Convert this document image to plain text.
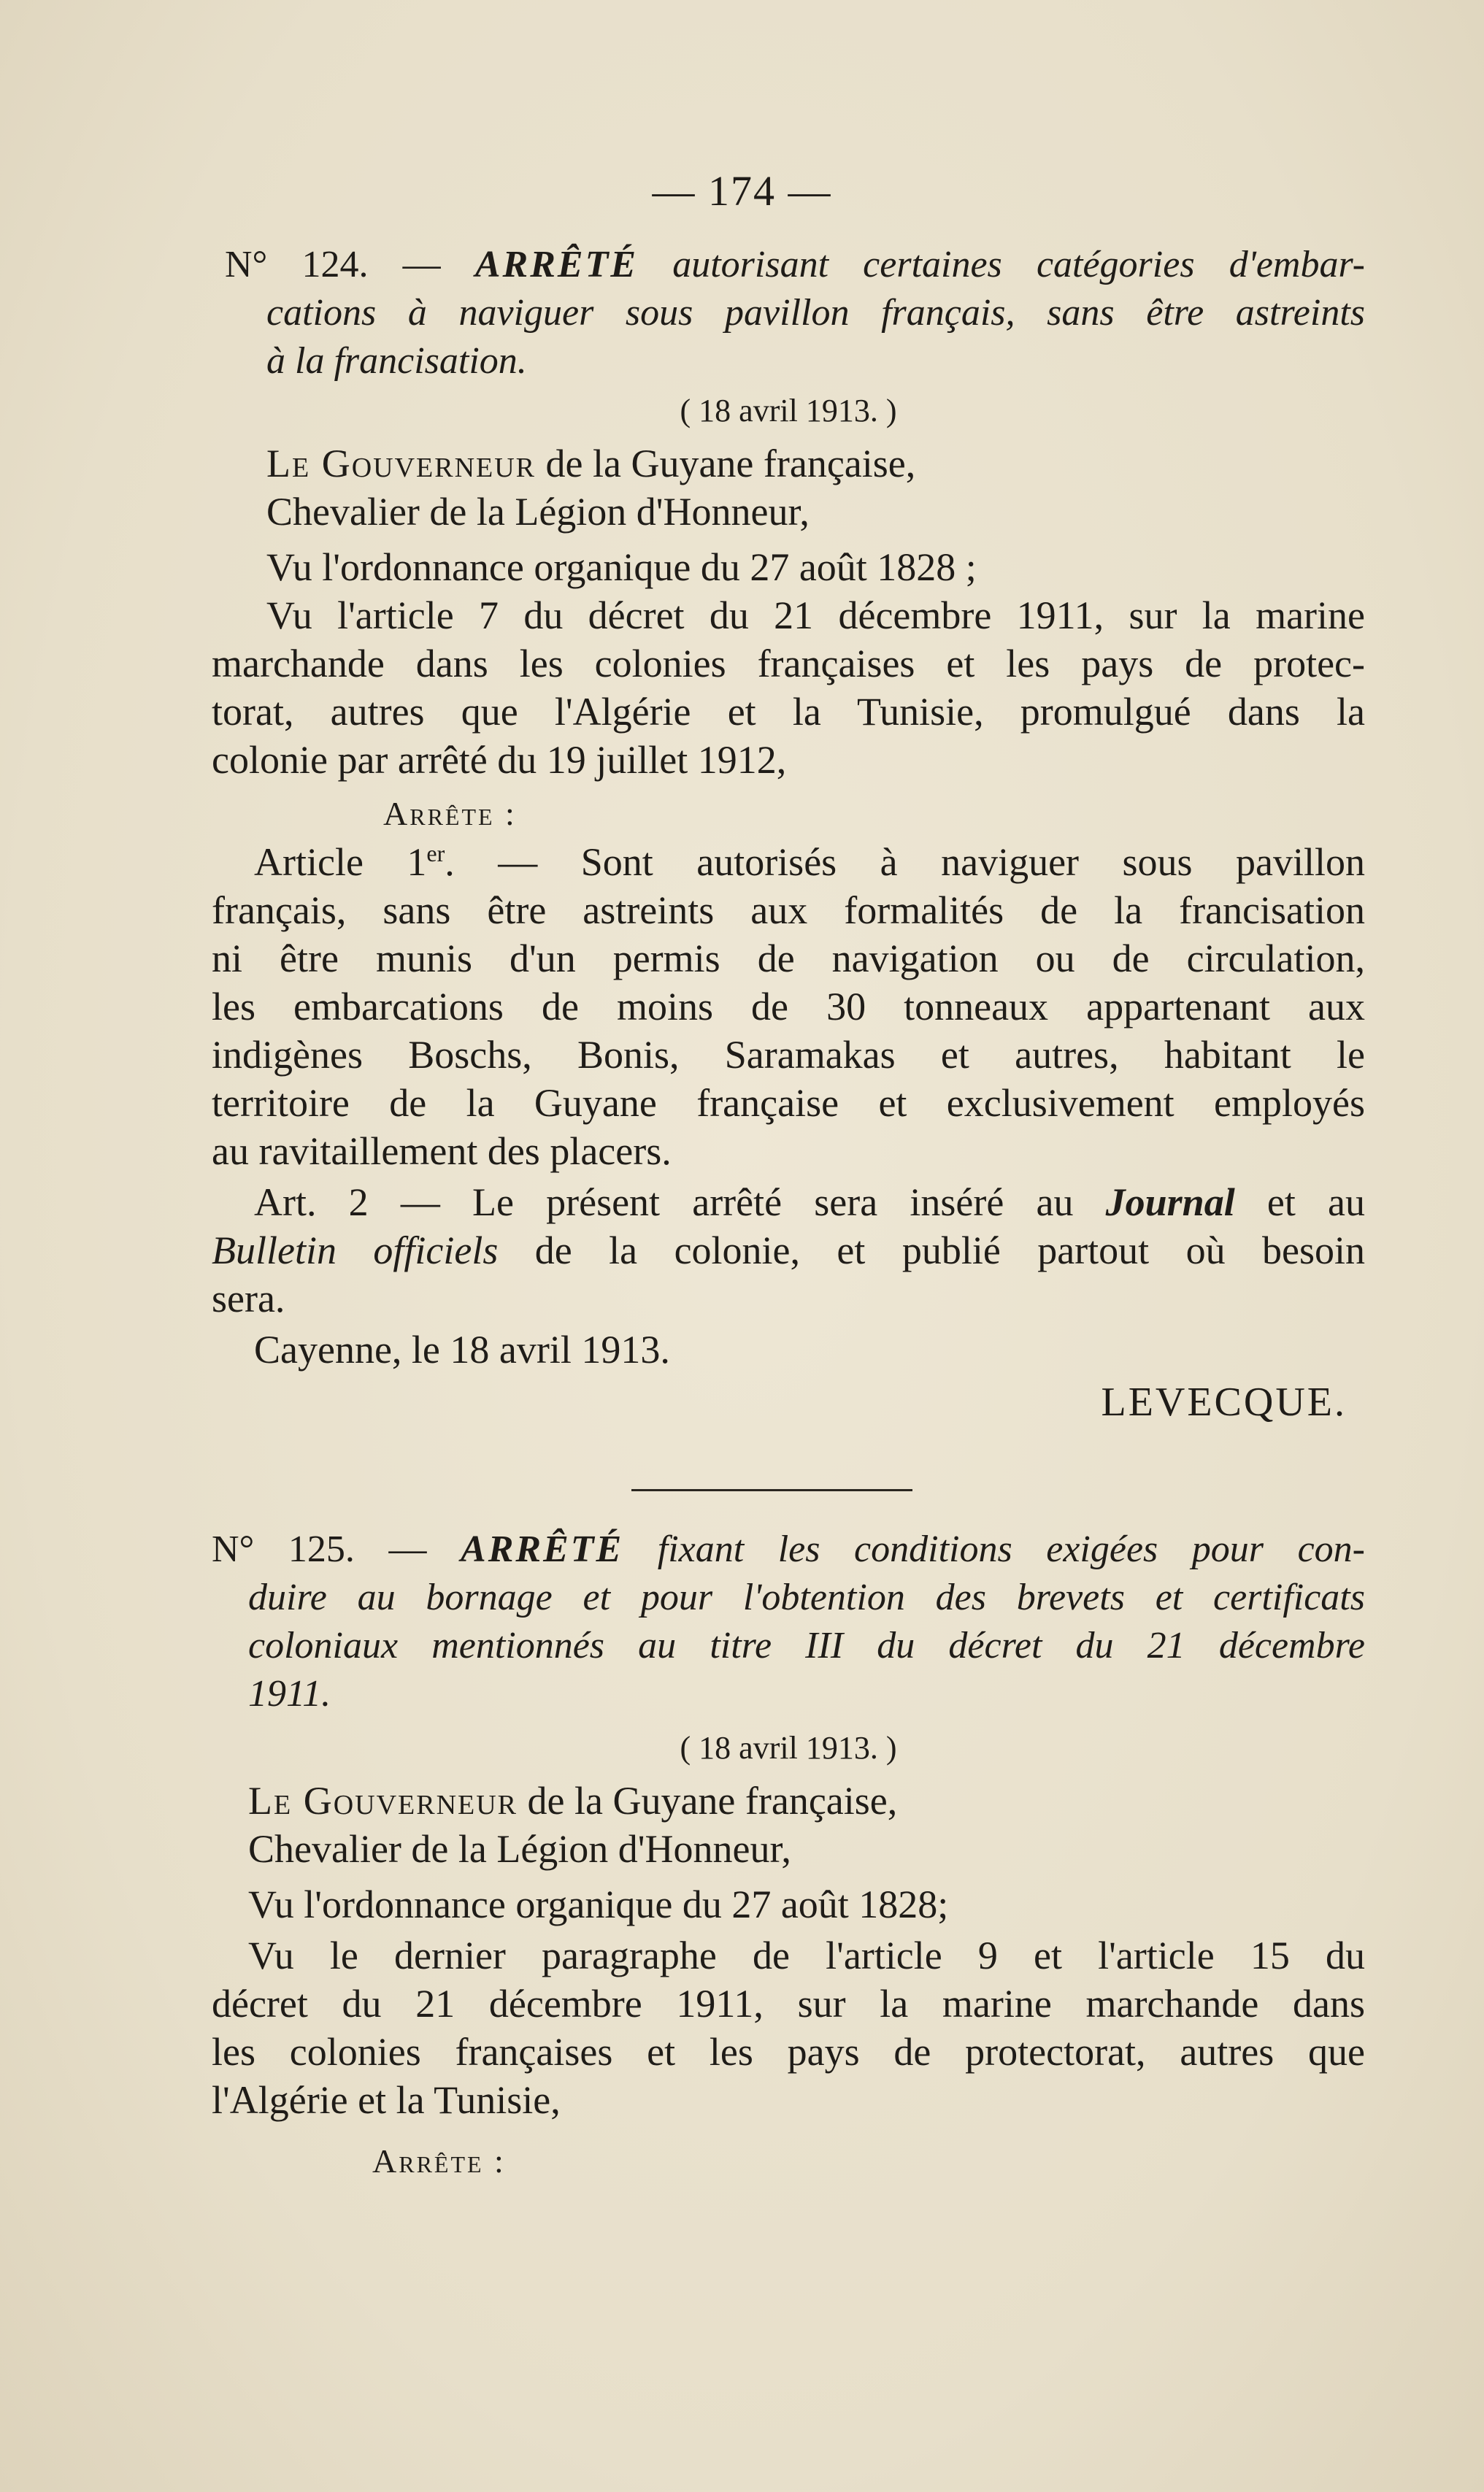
— 174 —
N° 124. — ARRÊTÉ autorisant certaines catégories d'embar-
cations à naviguer sous pavillon français, sans être astreints
à la francisation.
( 18 avril 1913. )
Le Gouverneur de la Guyane française,
Chevalier de la Légion d'Honneur,
Vu l'ordonnance organique du 27 août 1828 ;
Vu l'article 7 du décret du 21 décembre 1911, sur la marine
marchande dans les colonies françaises et les pays de protec-
torat, autres que l'Algérie et la Tunisie, promulgué dans la
colonie par arrêté du 19 juillet 1912,
Arrête :
Article 1er. — Sont autorisés à naviguer sous pavillon
français, sans être astreints aux formalités de la francisation
ni être munis d'un permis de navigation ou de circulation,
les embarcations de moins de 30 tonneaux appartenant aux
indigènes Boschs, Bonis, Saramakas et autres, habitant le
territoire de la Guyane française et exclusivement employés
au ravitaillement des placers.
Art. 2 — Le présent arrêté sera inséré au Journal et au
Bulletin officiels de la colonie, et publié partout où besoin
sera.
Cayenne, le 18 avril 1913.
LEVECQUE.
N° 125. — ARRÊTÉ fixant les conditions exigées pour con-
duire au bornage et pour l'obtention des brevets et certificats
coloniaux mentionnés au titre III du décret du 21 décembre
1911.
( 18 avril 1913. )
Le Gouverneur de la Guyane française,
Chevalier de la Légion d'Honneur,
Vu l'ordonnance organique du 27 août 1828;
Vu le dernier paragraphe de l'article 9 et l'article 15 du
décret du 21 décembre 1911, sur la marine marchande dans
les colonies françaises et les pays de protectorat, autres que
l'Algérie et la Tunisie,
Arrête :
